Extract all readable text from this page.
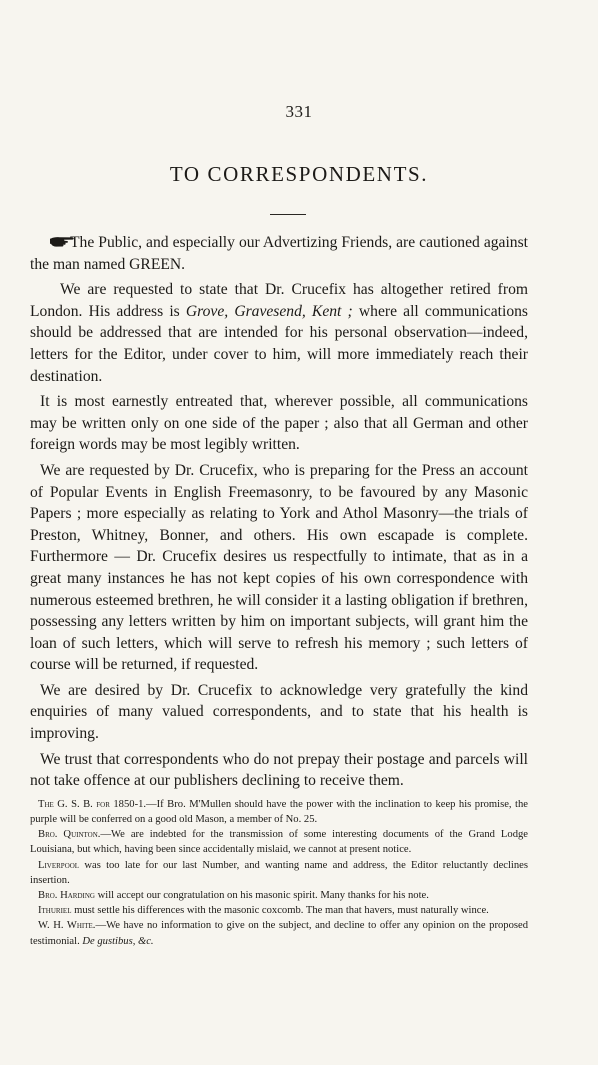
331
TO CORRESPONDENTS.

The Public, and especially our Advertizing Friends, are cautioned against the man named GREEN.

We are requested to state that Dr. Crucefix has altogether retired from London. His address is Grove, Gravesend, Kent ; where all communications should be addressed that are intended for his personal observation—indeed, letters for the Editor, under cover to him, will more immediately reach their destination.

It is most earnestly entreated that, wherever possible, all communications may be written only on one side of the paper ; also that all German and other foreign words may be most legibly written.

We are requested by Dr. Crucefix, who is preparing for the Press an account of Popular Events in English Freemasonry, to be favoured by any Masonic Papers ; more especially as relating to York and Athol Masonry—the trials of Preston, Whitney, Bonner, and others. His own escapade is complete. Furthermore — Dr. Crucefix desires us respectfully to intimate, that as in a great many instances he has not kept copies of his own correspondence with numerous esteemed brethren, he will consider it a lasting obligation if brethren, possessing any letters written by him on important subjects, will grant him the loan of such letters, which will serve to refresh his memory ; such letters of course will be returned, if requested.

We are desired by Dr. Crucefix to acknowledge very gratefully the kind enquiries of many valued correspondents, and to state that his health is improving.

We trust that correspondents who do not prepay their postage and parcels will not take offence at our publishers declining to receive them.

The G. S. B. for 1850-1.—If Bro. M'Mullen should have the power with the inclination to keep his promise, the purple will be conferred on a good old Mason, a member of No. 25.

Bro. Quinton.—We are indebted for the transmission of some interesting documents of the Grand Lodge Louisiana, but which, having been since accidentally mislaid, we cannot at present notice.

Liverpool was too late for our last Number, and wanting name and address, the Editor reluctantly declines insertion.

Bro. Harding will accept our congratulation on his masonic spirit. Many thanks for his note.

Ithuriel must settle his differences with the masonic coxcomb. The man that havers, must naturally wince.

W. H. White.—We have no information to give on the subject, and decline to offer any opinion on the proposed testimonial. De gustibus, &c.
